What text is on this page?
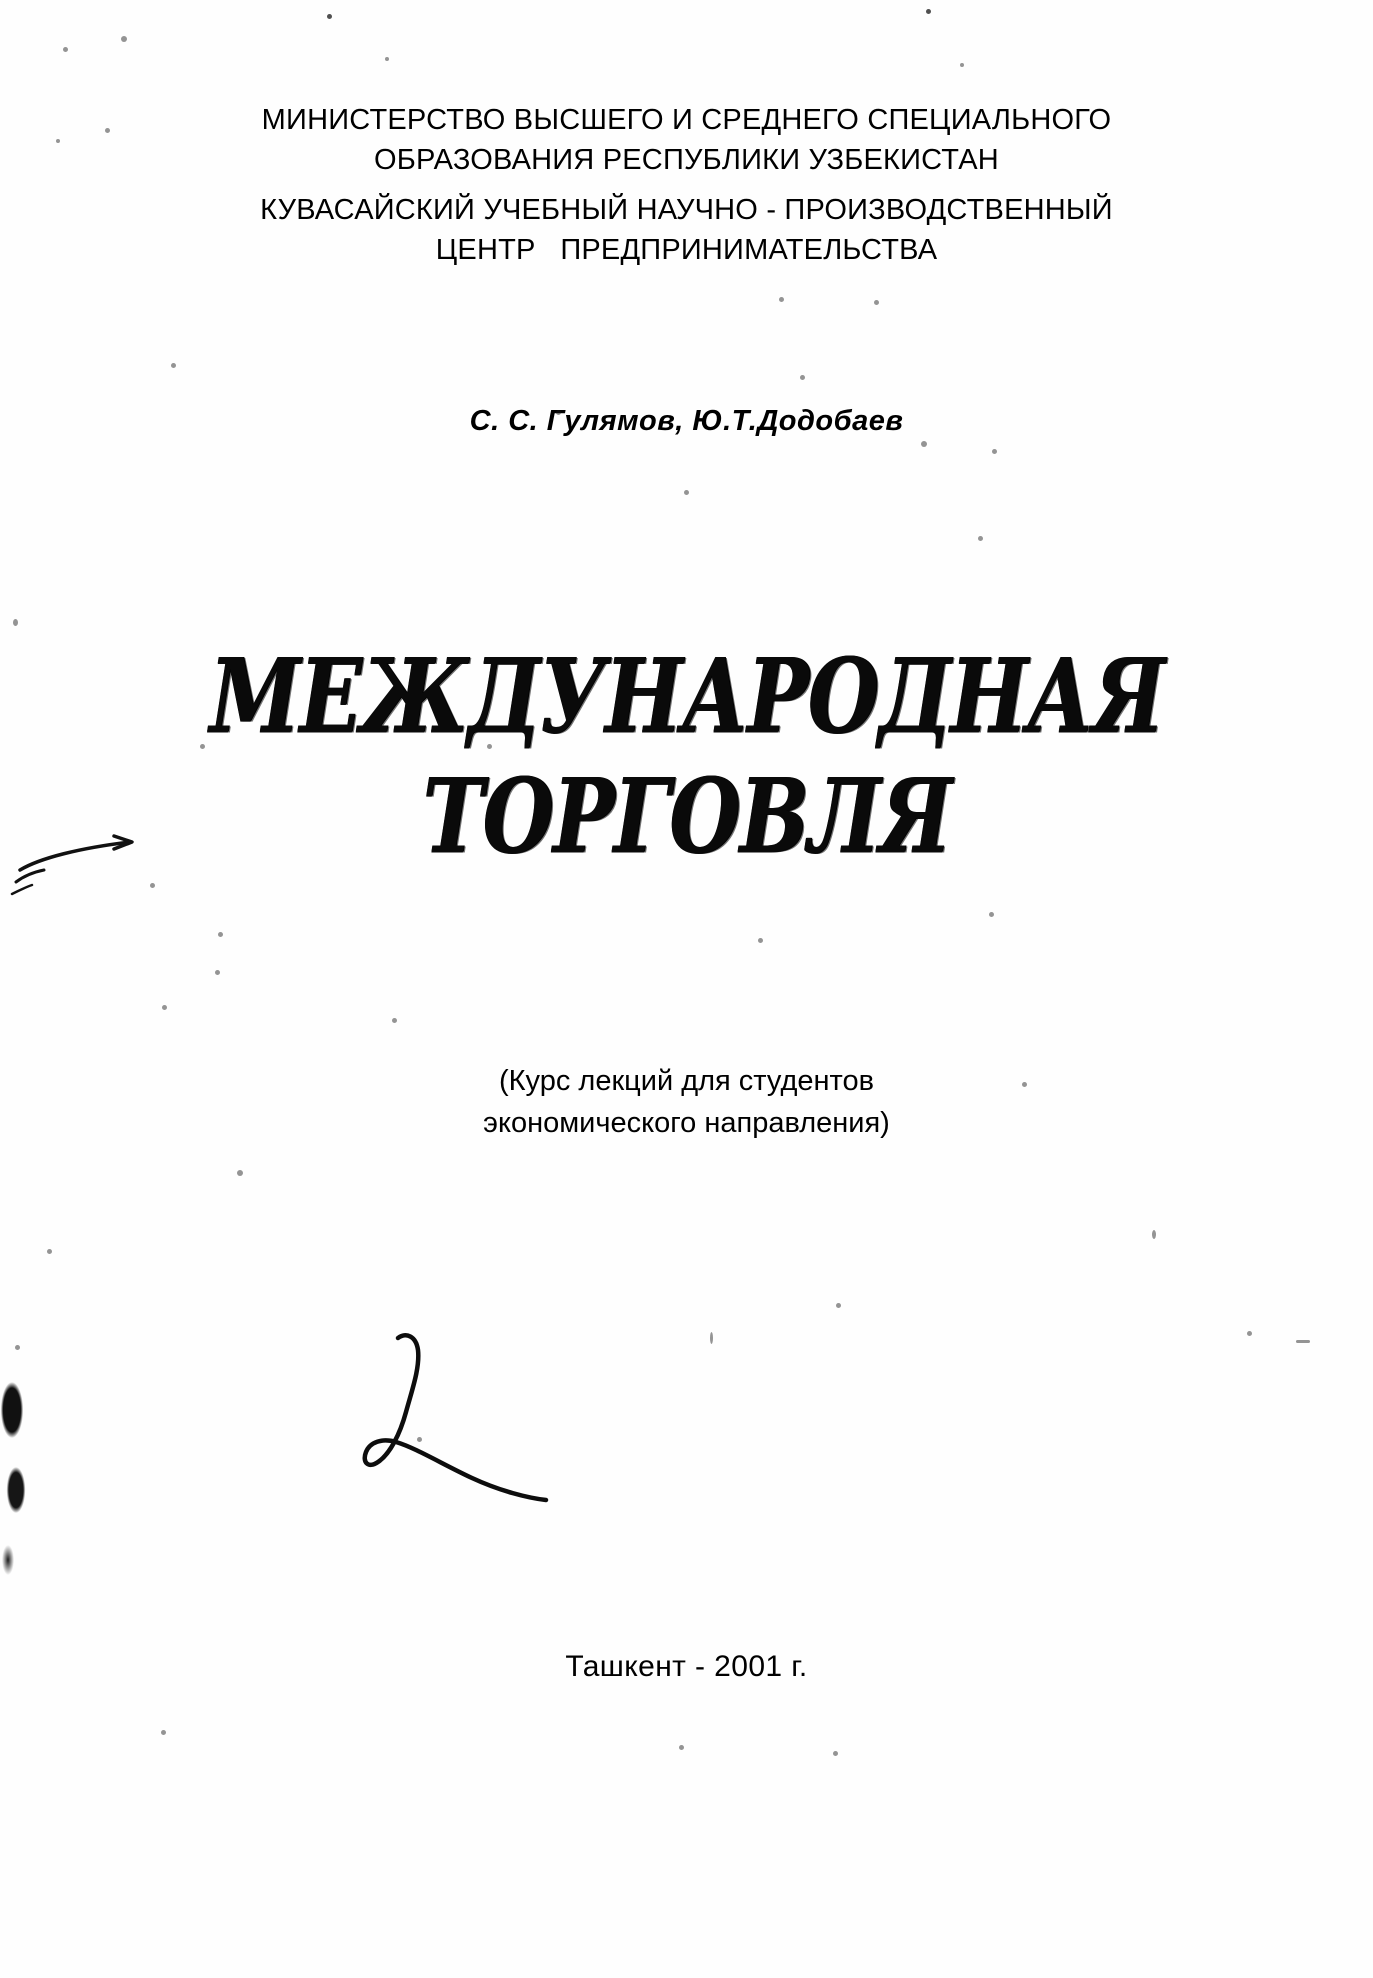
МИНИСТЕРСТВО ВЫСШЕГО И СРЕДНЕГО СПЕЦИАЛЬНОГО
ОБРАЗОВАНИЯ РЕСПУБЛИКИ УЗБЕКИСТАН
КУВАСАЙСКИЙ УЧЕБНЫЙ НАУЧНО - ПРОИЗВОДСТВЕННЫЙ
ЦЕНТР   ПРЕДПРИНИМАТЕЛЬСТВА
С. С. Гулямов, Ю.Т.Додобаев
МЕЖДУНАРОДНАЯ
ТОРГОВЛЯ
(Курс лекций для студентов
экономического направления)
Ташкент - 2001 г.
